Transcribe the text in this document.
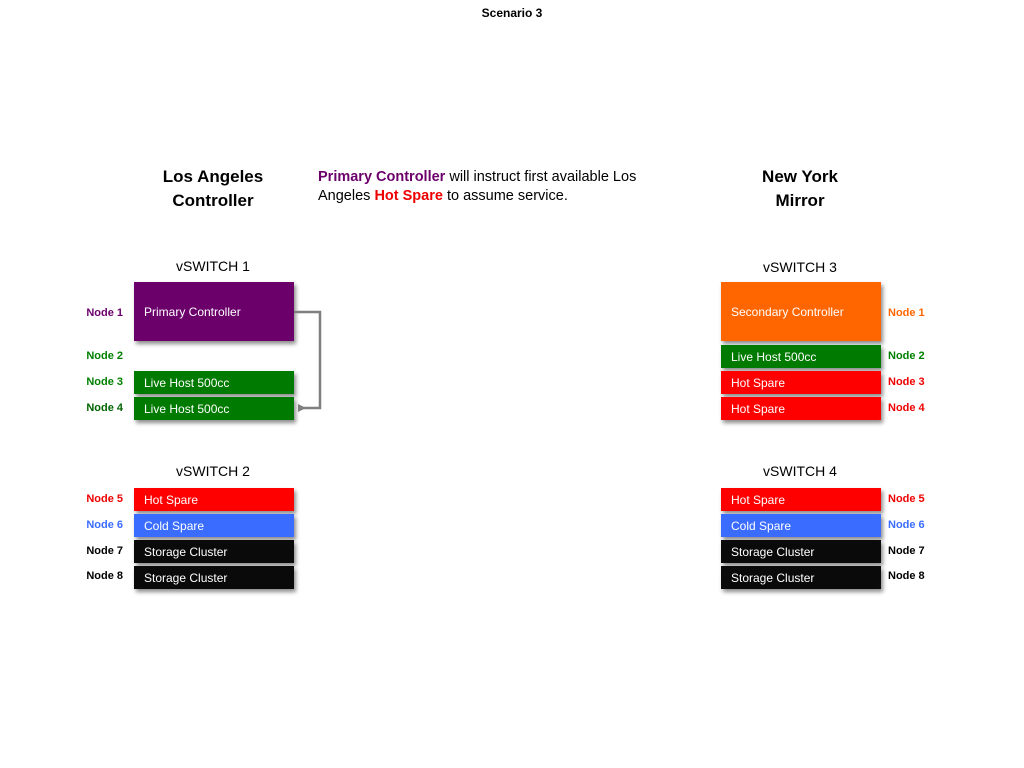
Scenario 3
Los Angeles
Controller
New York
Mirror
Primary Controller will instruct first available Los Angeles Hot Spare to assume service.
vSWITCH 1
vSWITCH 2
vSWITCH 3
vSWITCH 4
Primary Controller
Live Host 500cc
Live Host 500cc
Node 1
Node 2
Node 3
Node 4
Hot Spare
Cold Spare
Storage Cluster
Storage Cluster
Node 5
Node 6
Node 7
Node 8
Secondary Controller
Live Host 500cc
Hot Spare
Hot Spare
Node 1
Node 2
Node 3
Node 4
Hot Spare
Cold Spare
Storage Cluster
Storage Cluster
Node 5
Node 6
Node 7
Node 8
